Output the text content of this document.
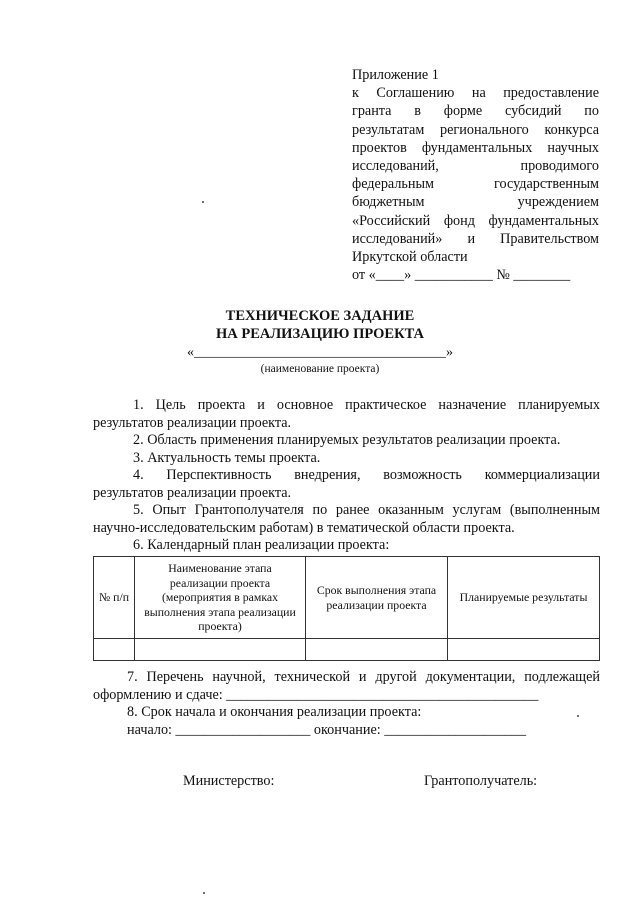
Приложение 1
к Соглашению на предоставление
гранта в форме субсидий по
результатам регионального конкурса
проектов фундаментальных научных
исследований, проводимого
федеральным государственным
бюджетным учреждением
«Российский фонд фундаментальных
исследований» и Правительством
Иркутской области
от «____» ___________ № ________
ТЕХНИЧЕСКОЕ ЗАДАНИЕ
НА РЕАЛИЗАЦИЮ ПРОЕКТА
«____________________________________»
(наименование проекта)
1. Цель проекта и основное практическое назначение планируемых
результатов реализации проекта.
2. Область применения планируемых результатов реализации проекта.
3. Актуальность темы проекта.
4. Перспективность внедрения, возможность коммерциализации
результатов реализации проекта.
5. Опыт Грантополучателя по ранее оказанным услугам (выполненным
научно-исследовательским работам) в тематической области проекта.
6. Календарный план реализации проекта:
№ п/п	Наименование этапа реализации проекта (мероприятия в рамках выполнения этапа реализации проекта)	Срок выполнения этапа реализации проекта	Планируемые результаты

7. Перечень научной, технической и другой документации, подлежащей
оформлению и сдаче: ____________________________________________
8. Срок начала и окончания реализации проекта:
начало: ___________________ окончание: ____________________
Министерство:	Грантополучатель:
